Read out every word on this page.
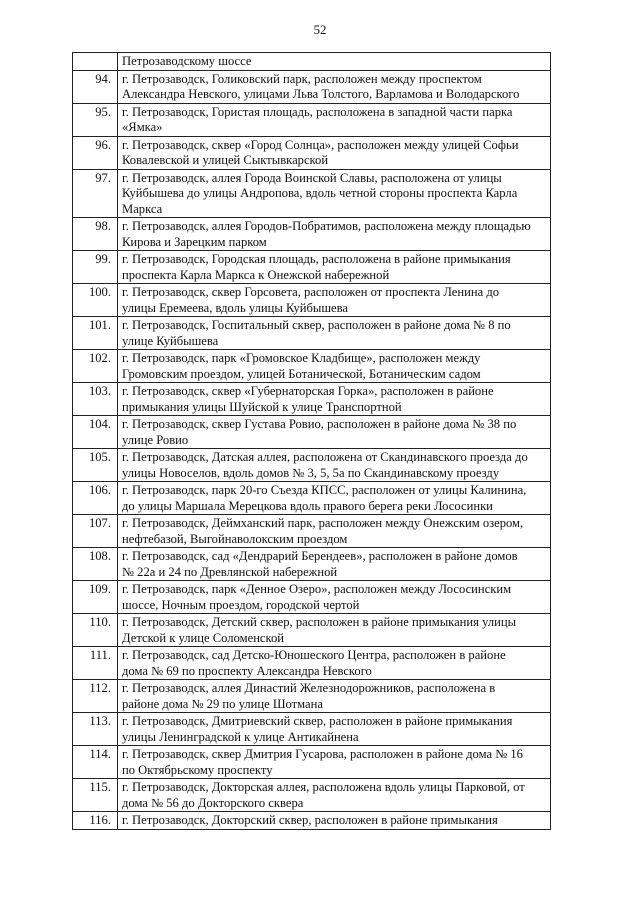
52

	Петрозаводскому шоссе

94.	г. Петрозаводск, Голиковский парк, расположен между проспектом
Александра Невского, улицами Льва Толстого, Варламова и Володарского

95.	г. Петрозаводск, Гористая площадь, расположена в западной части парка
«Ямка»

96.	г. Петрозаводск, сквер «Город Солнца», расположен между улицей Софьи
Ковалевской и улицей Сыктывкарской

97.	г. Петрозаводск, аллея Города Воинской Славы, расположена от улицы
Куйбышева до улицы Андропова, вдоль четной стороны проспекта Карла
Маркса

98.	г. Петрозаводск, аллея Городов-Побратимов, расположена между площадью
Кирова и Зарецким парком

99.	г. Петрозаводск, Городская площадь, расположена в районе примыкания
проспекта Карла Маркса к Онежской набережной

100.	г. Петрозаводск, сквер Горсовета, расположен от проспекта Ленина до
улицы Еремеева, вдоль улицы Куйбышева

101.	г. Петрозаводск, Госпитальный сквер, расположен в районе дома № 8 по
улице Куйбышева

102.	г. Петрозаводск, парк «Громовское Кладбище», расположен между
Громовским проездом, улицей Ботанической, Ботаническим садом

103.	г. Петрозаводск, сквер «Губернаторская Горка», расположен в районе
примыкания улицы Шуйской к улице Транспортной

104.	г. Петрозаводск, сквер Густава Ровио, расположен в районе дома № 38 по
улице Ровио

105.	г. Петрозаводск, Датская аллея, расположена от Скандинавского проезда до
улицы Новоселов, вдоль домов № 3, 5, 5а по Скандинавскому проезду

106.	г. Петрозаводск, парк 20-го Съезда КПСС, расположен от улицы Калинина,
до улицы Маршала Мерецкова вдоль правого берега реки Лососинки

107.	г. Петрозаводск, Деймханский парк, расположен между Онежским озером,
нефтебазой, Выгойнаволокским проездом

108.	г. Петрозаводск, сад «Дендрарий Берендеев», расположен в районе домов
№ 22а и 24 по Древлянской набережной

109.	г. Петрозаводск, парк «Денное Озеро», расположен между Лососинским
шоссе, Ночным проездом, городской чертой

110.	г. Петрозаводск, Детский сквер, расположен в районе примыкания улицы
Детской к улице Соломенской

111.	г. Петрозаводск, сад Детско-Юношеского Центра, расположен в районе
дома № 69 по проспекту Александра Невского

112.	г. Петрозаводск, аллея Династий Железнодорожников, расположена в
районе дома № 29 по улице Шотмана

113.	г. Петрозаводск, Дмитриевский сквер, расположен в районе примыкания
улицы Ленинградской к улице Антикайнена

114.	г. Петрозаводск, сквер Дмитрия Гусарова, расположен в районе дома № 16
по Октябрьскому проспекту

115.	г. Петрозаводск, Докторская аллея, расположена вдоль улицы Парковой, от
дома № 56 до Докторского сквера

116.	г. Петрозаводск, Докторский сквер, расположен в районе примыкания
